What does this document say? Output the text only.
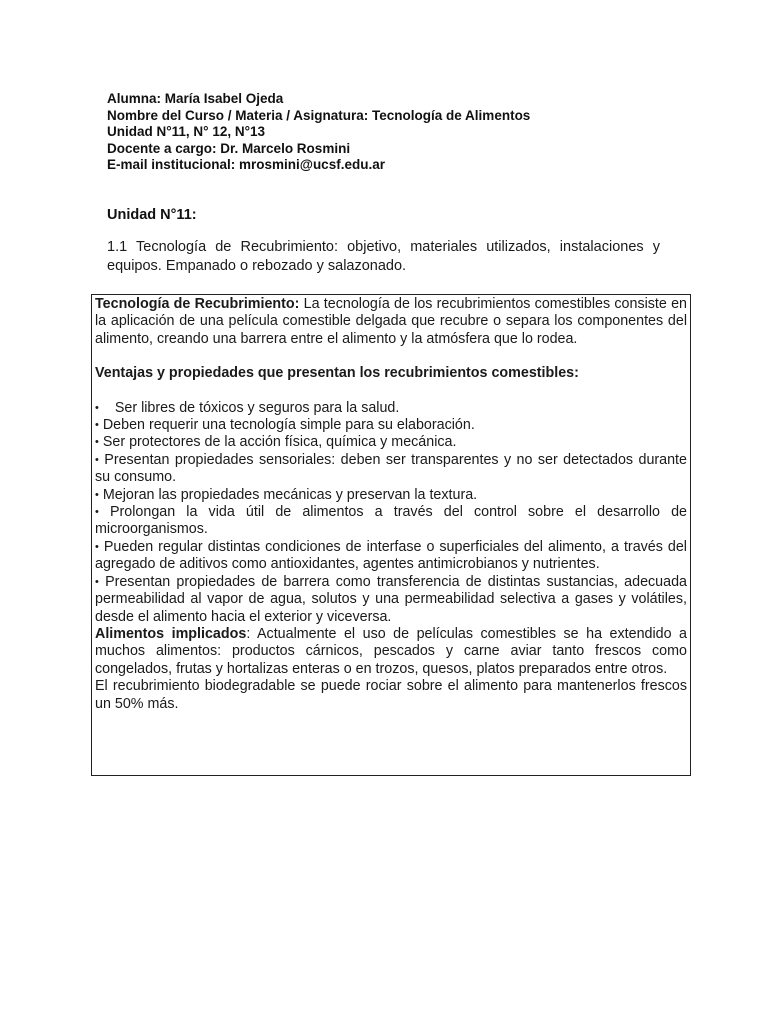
Alumna: María Isabel Ojeda
Nombre del Curso / Materia / Asignatura: Tecnología de Alimentos
Unidad N°11, N° 12, N°13
Docente a cargo: Dr. Marcelo Rosmini
E-mail institucional: mrosmini@ucsf.edu.ar
Unidad N°11:
1.1 Tecnología de Recubrimiento: objetivo, materiales utilizados, instalaciones y equipos. Empanado o rebozado y salazonado.

Tecnología de Recubrimiento: La tecnología de los recubrimientos comestibles consiste en la aplicación de una película comestible delgada que recubre o separa los componentes del alimento, creando una barrera entre el alimento y la atmósfera que lo rodea.

Ventajas y propiedades que presentan los recubrimientos comestibles:

• Ser libres de tóxicos y seguros para la salud.
• Deben requerir una tecnología simple para su elaboración.
• Ser protectores de la acción física, química y mecánica.
• Presentan propiedades sensoriales: deben ser transparentes y no ser detectados durante su consumo.
• Mejoran las propiedades mecánicas y preservan la textura.
• Prolongan la vida útil de alimentos a través del control sobre el desarrollo de microorganismos.
• Pueden regular distintas condiciones de interfase o superficiales del alimento, a través del agregado de aditivos como antioxidantes, agentes antimicrobianos y nutrientes.
• Presentan propiedades de barrera como transferencia de distintas sustancias, adecuada permeabilidad al vapor de agua, solutos y una permeabilidad selectiva a gases y volátiles, desde el alimento hacia el exterior y viceversa.

Alimentos implicados: Actualmente el uso de películas comestibles se ha extendido a muchos alimentos: productos cárnicos, pescados y carne aviar tanto frescos como congelados, frutas y hortalizas enteras o en trozos, quesos, platos preparados entre otros.

El recubrimiento biodegradable se puede rociar sobre el alimento para mantenerlos frescos un 50% más.
